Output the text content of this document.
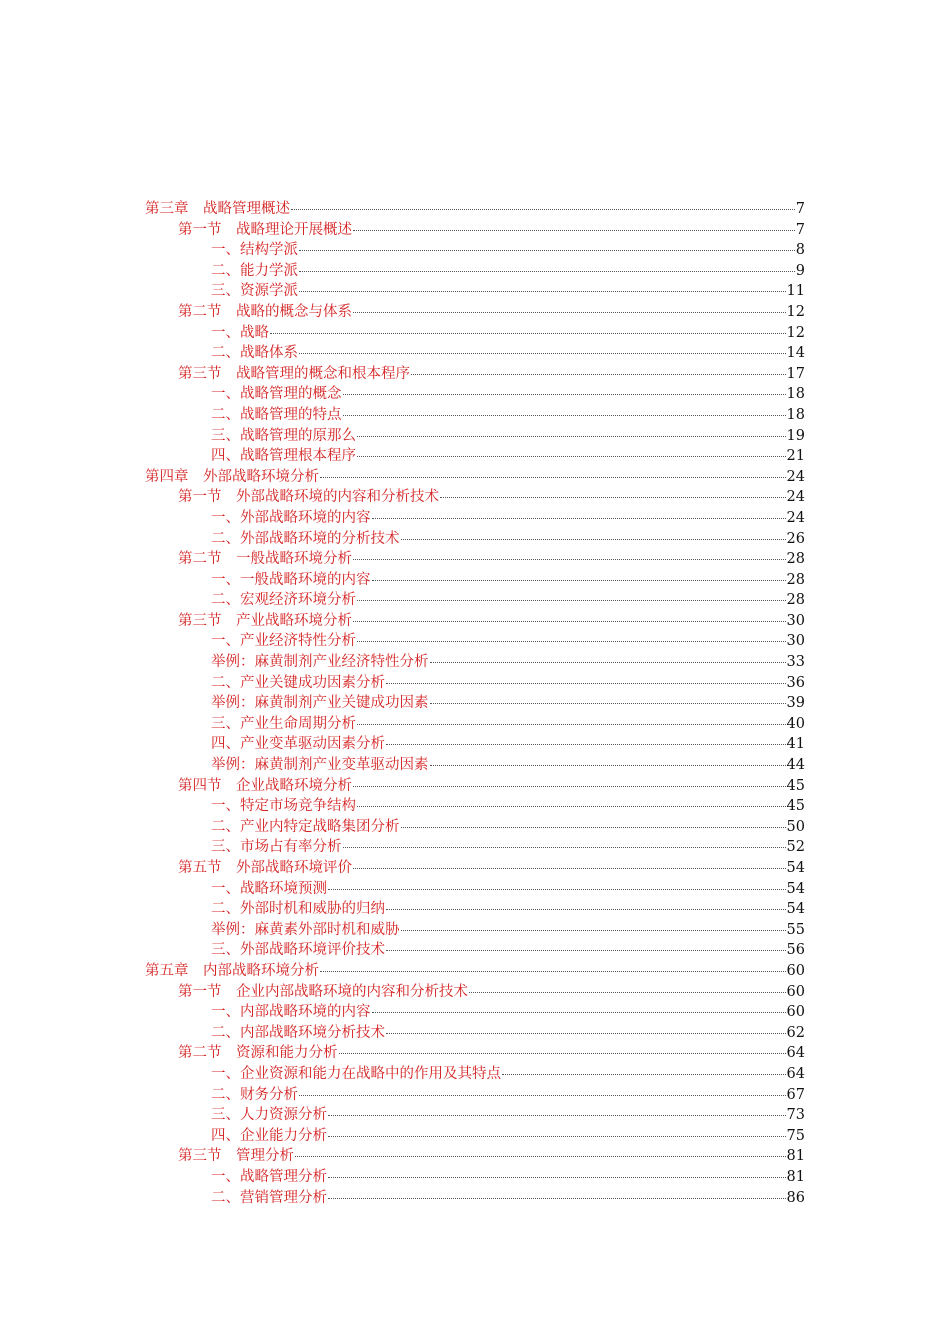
第三章　战略管理概述	7
第一节　战略理论开展概述	7
一、结构学派	8
二、能力学派	9
三、资源学派	11
第二节　战略的概念与体系	12
一、战略	12
二、战略体系	14
第三节　战略管理的概念和根本程序	17
一、战略管理的概念	18
二、战略管理的特点	18
三、战略管理的原那么	19
四、战略管理根本程序	21
第四章　外部战略环境分析	24
第一节　外部战略环境的内容和分析技术	24
一、外部战略环境的内容	24
二、外部战略环境的分析技术	26
第二节　一般战略环境分析	28
一、一般战略环境的内容	28
二、宏观经济环境分析	28
第三节　产业战略环境分析	30
一、产业经济特性分析	30
举例：麻黄制剂产业经济特性分析	33
二、产业关键成功因素分析	36
举例：麻黄制剂产业关键成功因素	39
三、产业生命周期分析	40
四、产业变革驱动因素分析	41
举例：麻黄制剂产业变革驱动因素	44
第四节　企业战略环境分析	45
一、特定市场竞争结构	45
二、产业内特定战略集团分析	50
三、市场占有率分析	52
第五节　外部战略环境评价	54
一、战略环境预测	54
二、外部时机和威胁的归纳	54
举例：麻黄素外部时机和威胁	55
三、外部战略环境评价技术	56
第五章　内部战略环境分析	60
第一节　企业内部战略环境的内容和分析技术	60
一、内部战略环境的内容	60
二、内部战略环境分析技术	62
第二节　资源和能力分析	64
一、企业资源和能力在战略中的作用及其特点	64
二、财务分析	67
三、人力资源分析	73
四、企业能力分析	75
第三节　管理分析	81
一、战略管理分析	81
二、营销管理分析	86
